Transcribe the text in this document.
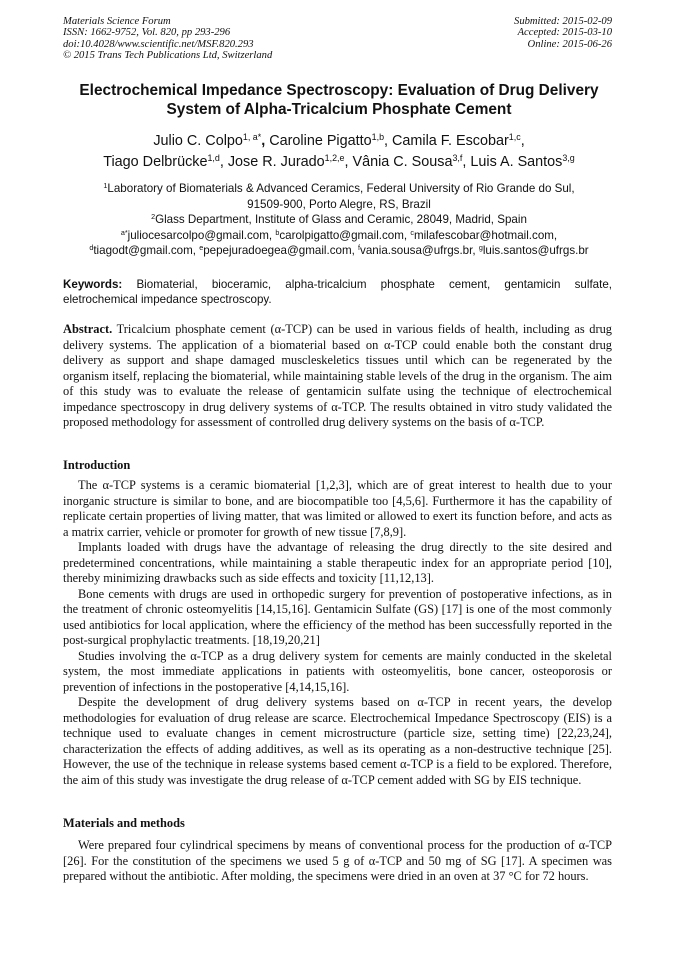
Materials Science Forum
ISSN: 1662-9752, Vol. 820, pp 293-296
doi:10.4028/www.scientific.net/MSF.820.293
© 2015 Trans Tech Publications Ltd, Switzerland
Submitted: 2015-02-09
Accepted: 2015-03-10
Online: 2015-06-26
Electrochemical Impedance Spectroscopy: Evaluation of Drug Delivery
System of Alpha-Tricalcium Phosphate Cement
Julio C. Colpo$^{1, a*}$, Caroline Pigatto$^{1,b}$, Camila F. Escobar$^{1,c}$,
Tiago Delbrücke$^{1,d}$, Jose R. Jurado$^{1,2,e}$, Vânia C. Sousa$^{3,f}$, Luis A. Santos$^{3,g}$
$^1$Laboratory of Biomaterials & Advanced Ceramics, Federal University of Rio Grande do Sul,
91509-900, Porto Alegre, RS, Brazil
$^2$Glass Department, Institute of Glass and Ceramic, 28049, Madrid, Spain
$^{a*}$juliocesarcolpo@gmail.com, $^b$carolpigatto@gmail.com, $^c$milafescobar@hotmail.com,
$^d$tiagodt@gmail.com, $^e$pepejuradoegea@gmail.com, $^f$vania.sousa@ufrgs.br, $^g$luis.santos@ufrgs.br
Keywords: Biomaterial, bioceramic, alpha-tricalcium phosphate cement, gentamicin sulfate, eletrochemical impedance spectroscopy.

Abstract. Tricalcium phosphate cement (α-TCP) can be used in various fields of health, including as drug delivery systems. The application of a biomaterial based on α-TCP could enable both the constant drug delivery as support and shape damaged muscleskeletics tissues until which can be regenerated by the organism itself, replacing the biomaterial, while maintaining stable levels of the drug in the organism. The aim of this study was to evaluate the release of gentamicin sulfate using the technique of electrochemical impedance spectroscopy in drug delivery systems of α-TCP. The results obtained in vitro study validated the proposed methodology for assessment of controlled drug delivery systems on the basis of α-TCP.

Introduction

The α-TCP systems is a ceramic biomaterial [1,2,3], which are of great interest to health due to your inorganic structure is similar to bone, and are biocompatible too [4,5,6]. Furthermore it has the capability of replicate certain properties of living matter, that was limited or allowed to exert its function before, and acts as a matrix carrier, vehicle or promoter for growth of new tissue [7,8,9].

Implants loaded with drugs have the advantage of releasing the drug directly to the site desired and predetermined concentrations, while maintaining a stable therapeutic index for an appropriate period [10], thereby minimizing drawbacks such as side effects and toxicity [11,12,13].

Bone cements with drugs are used in orthopedic surgery for prevention of postoperative infections, as in the treatment of chronic osteomyelitis [14,15,16]. Gentamicin Sulfate (GS) [17] is one of the most commonly used antibiotics for local application, where the efficiency of the method has been successfully reported in the post-surgical prophylactic treatments. [18,19,20,21]

Studies involving the α-TCP as a drug delivery system for cements are mainly conducted in the skeletal system, the most immediate applications in patients with osteomyelitis, bone cancer, osteoporosis or prevention of infections in the postoperative [4,14,15,16].

Despite the development of drug delivery systems based on α-TCP in recent years, the develop methodologies for evaluation of drug release are scarce. Electrochemical Impedance Spectroscopy (EIS) is a technique used to evaluate changes in cement microstructure (particle size, setting time) [22,23,24], characterization the effects of adding additives, as well as its operating as a non-destructive technique [25]. However, the use of the technique in release systems based cement α-TCP is a field to be explored. Therefore, the aim of this study was investigate the drug release of α-TCP cement added with SG by EIS technique.

Materials and methods

Were prepared four cylindrical specimens by means of conventional process for the production of α-TCP [26]. For the constitution of the specimens we used 5 g of α-TCP and 50 mg of SG [17]. A specimen was prepared without the antibiotic. After molding, the specimens were dried in an oven at 37 °C for 72 hours.
